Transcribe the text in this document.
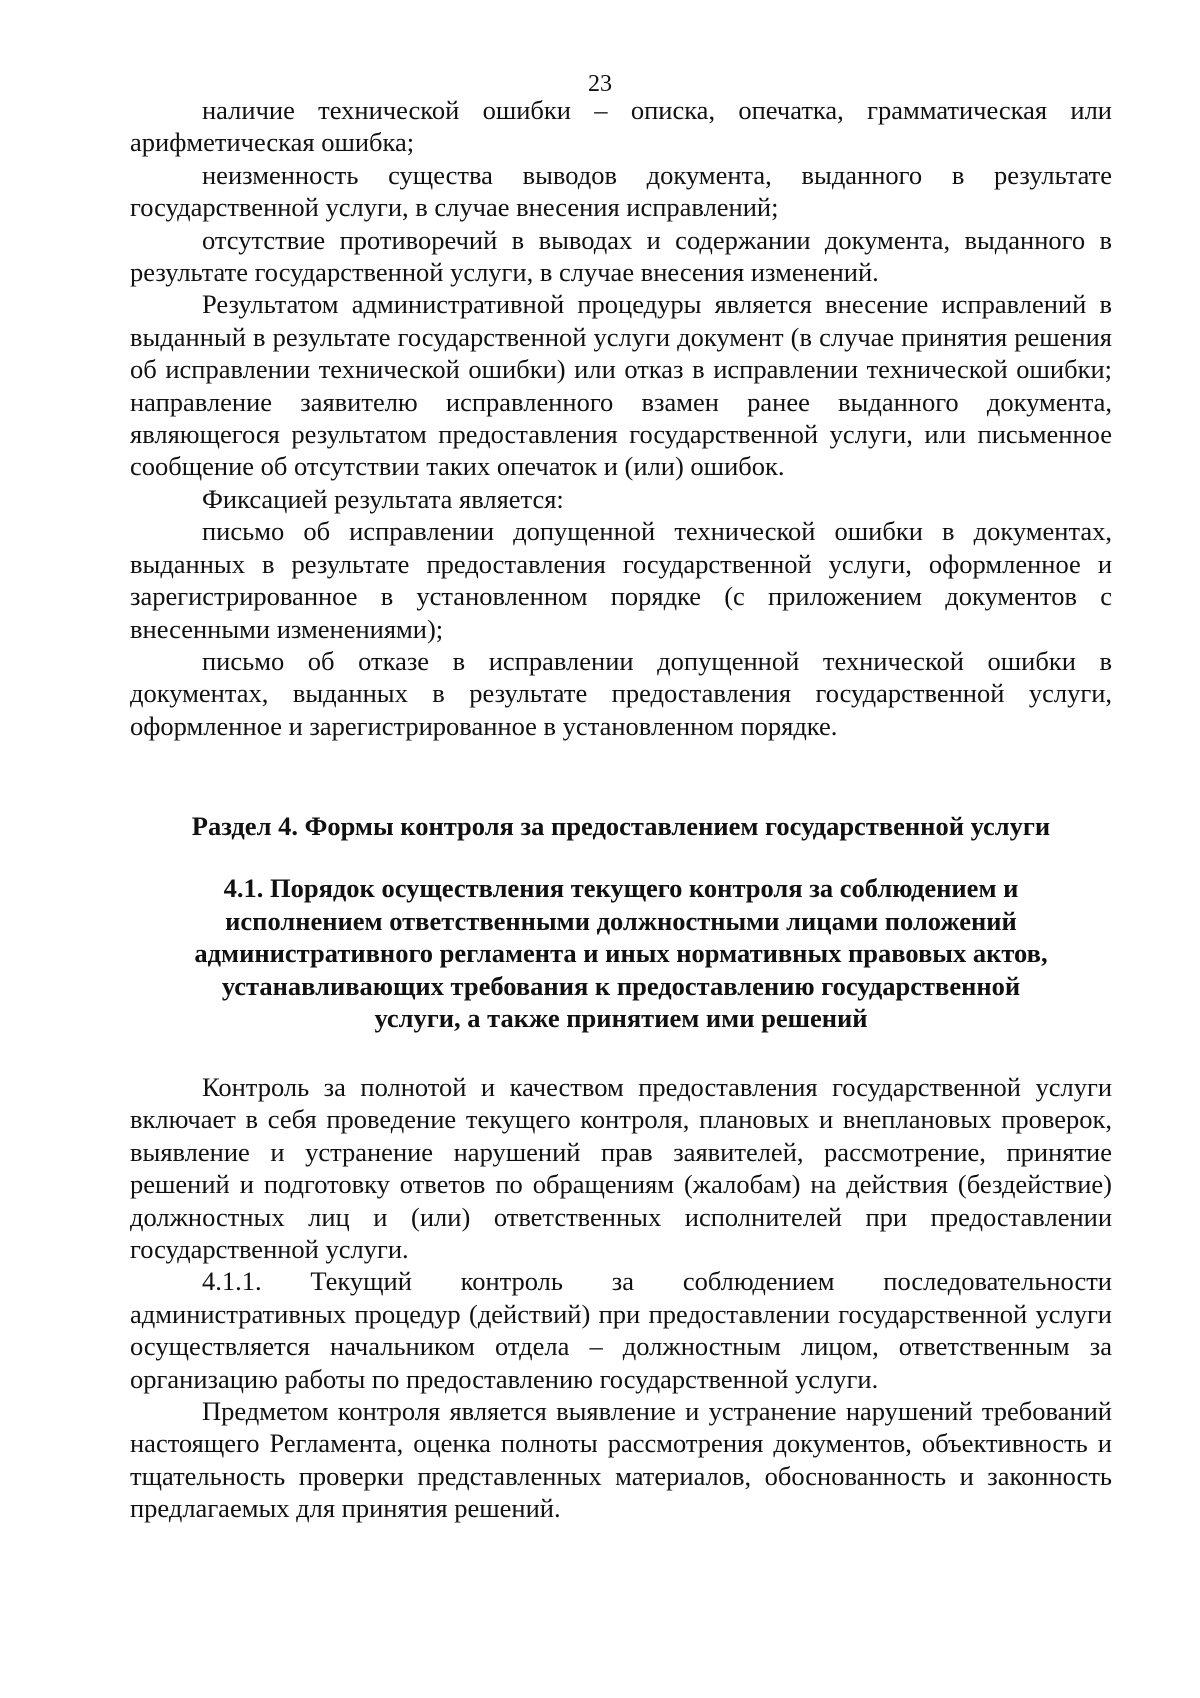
23

наличие технической ошибки – описка, опечатка, грамматическая или арифметическая ошибка;

неизменность существа выводов документа, выданного в результате государственной услуги, в случае внесения исправлений;

отсутствие противоречий в выводах и содержании документа, выданного в результате государственной услуги, в случае внесения изменений.

Результатом административной процедуры является внесение исправлений в выданный в результате государственной услуги документ (в случае принятия решения об исправлении технической ошибки) или отказ в исправлении технической ошибки; направление заявителю исправленного взамен ранее выданного документа, являющегося результатом предоставления государственной услуги, или письменное сообщение об отсутствии таких опечаток и (или) ошибок.

Фиксацией результата является:

письмо об исправлении допущенной технической ошибки в документах, выданных в результате предоставления государственной услуги, оформленное и зарегистрированное в установленном порядке (с приложением документов с внесенными изменениями);

письмо об отказе в исправлении допущенной технической ошибки в документах, выданных в результате предоставления государственной услуги, оформленное и зарегистрированное в установленном порядке.

Раздел 4. Формы контроля за предоставлением государственной услуги
4.1. Порядок осуществления текущего контроля за соблюдением и исполнением ответственными должностными лицами положений административного регламента и иных нормативных правовых актов, устанавливающих требования к предоставлению государственной услуги, а также принятием ими решений

Контроль за полнотой и качеством предоставления государственной услуги включает в себя проведение текущего контроля, плановых и внеплановых проверок, выявление и устранение нарушений прав заявителей, рассмотрение, принятие решений и подготовку ответов по обращениям (жалобам) на действия (бездействие) должностных лиц и (или) ответственных исполнителей при предоставлении государственной услуги.

4.1.1. Текущий контроль за соблюдением последовательности административных процедур (действий) при предоставлении государственной услуги осуществляется начальником отдела – должностным лицом, ответственным за организацию работы по предоставлению государственной услуги.

Предметом контроля является выявление и устранение нарушений требований настоящего Регламента, оценка полноты рассмотрения документов, объективность и тщательность проверки представленных материалов, обоснованность и законность предлагаемых для принятия решений.
